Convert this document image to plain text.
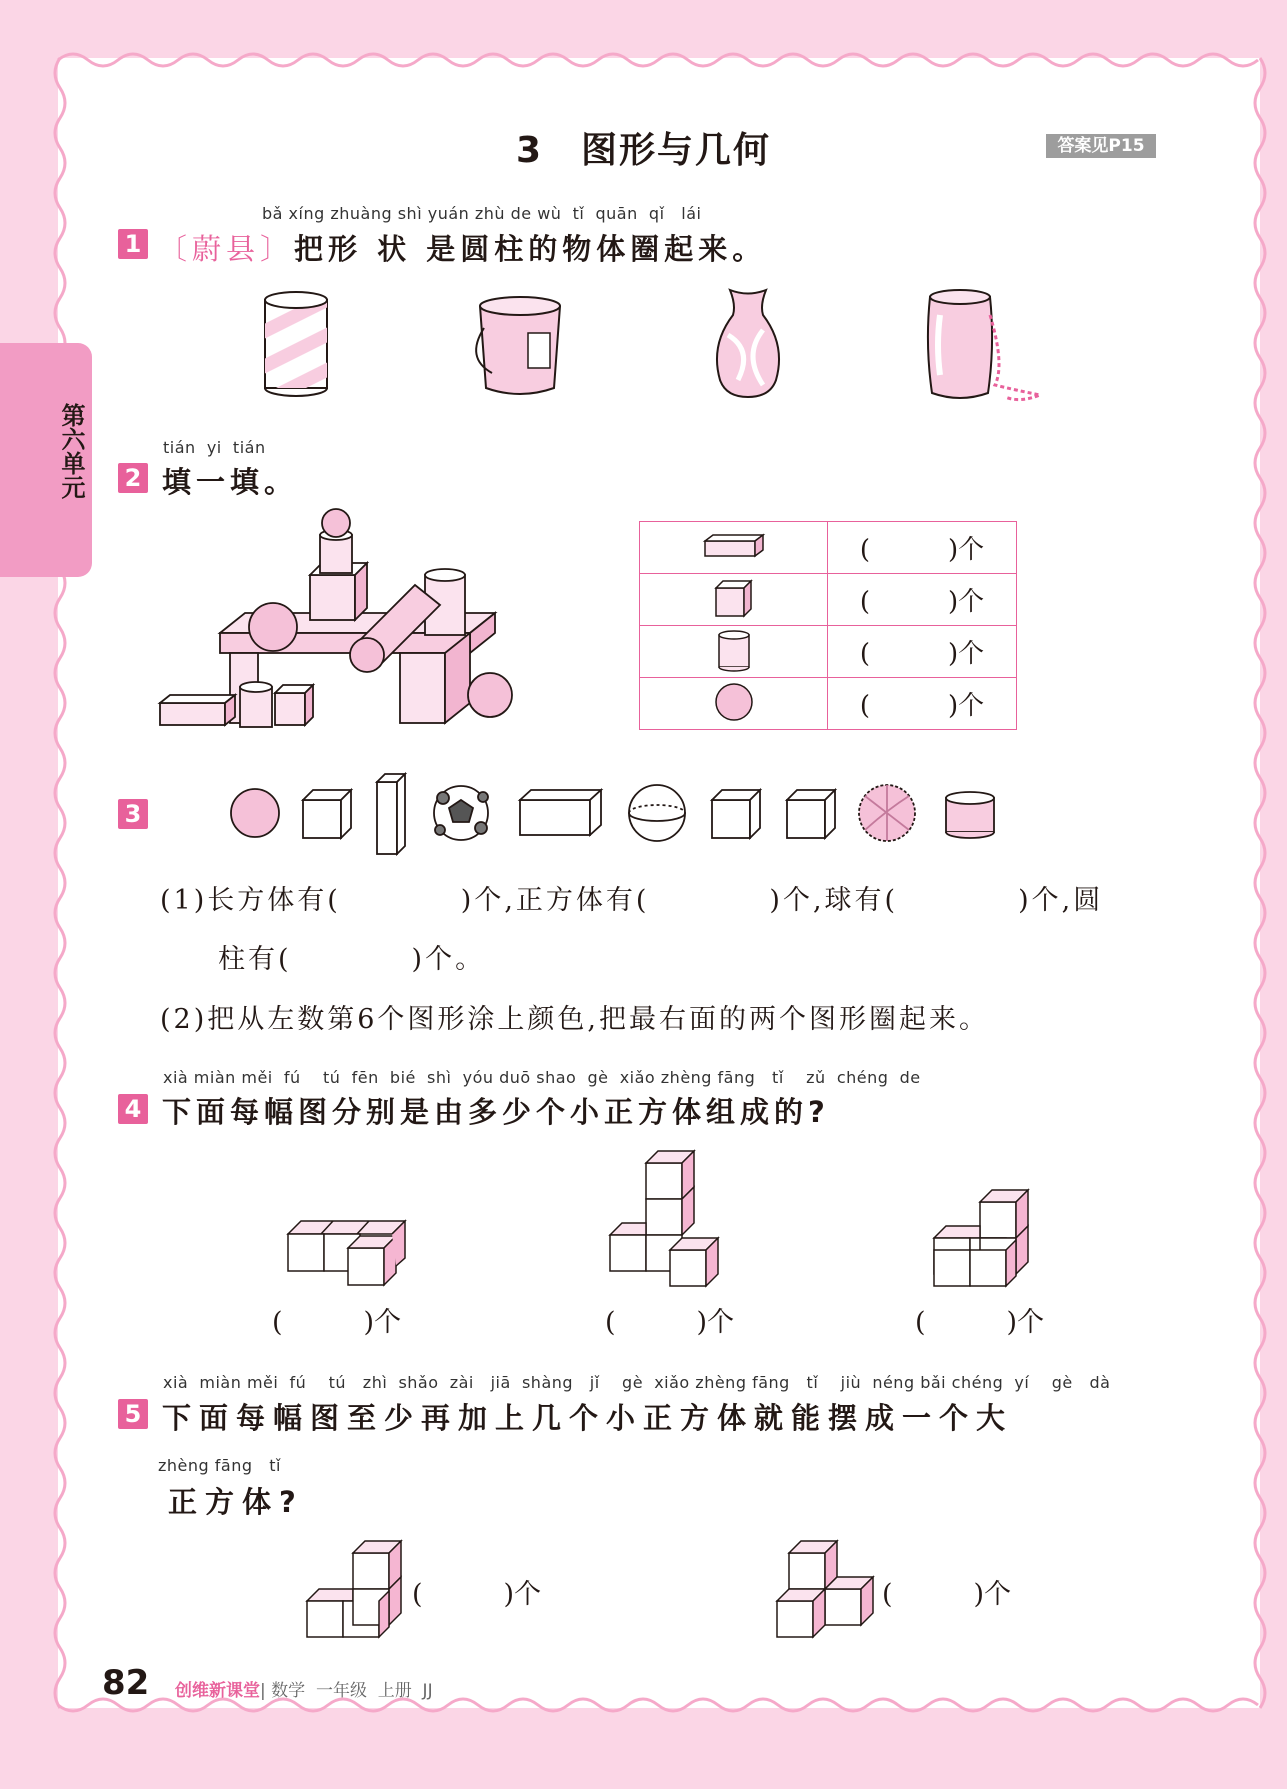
第六单元
3　图形与几何	答案见P15
1
bǎ xíng zhuàng shì yuán zhù de wù  tǐ  quān  qǐ   lái
〔蔚县〕把形 状 是圆柱的物体圈起来。
tián  yi  tián
2 填一填。
	(　　　)个
	(　　　)个
	(　　　)个
	(　　　)个
3
(1)长方体有(　　　　)个,正方体有(　　　　)个,球有(　　　　)个,圆
柱有(　　　　)个。
(2)把从左数第6个图形涂上颜色,把最右面的两个图形圈起来。
xià miàn měi  fú    tú  fēn  bié  shì  yóu duō shao  gè  xiǎo zhèng fāng   tǐ    zǔ  chéng  de
4 下面每幅图分别是由多少个小正方体组成的?
(　　　)个	(　　　)个	(　　　)个
xià  miàn měi  fú    tú   zhì  shǎo  zài   jiā  shàng   jǐ    gè  xiǎo zhèng fāng   tǐ    jiù  néng bǎi chéng  yí    gè   dà
5 下面每幅图至少再加上几个小正方体就能摆成一个大
zhèng fāng   tǐ
正方体?
(　　　)个	(　　　)个
82 创维新课堂| 数学  一年级  上册  JJ
